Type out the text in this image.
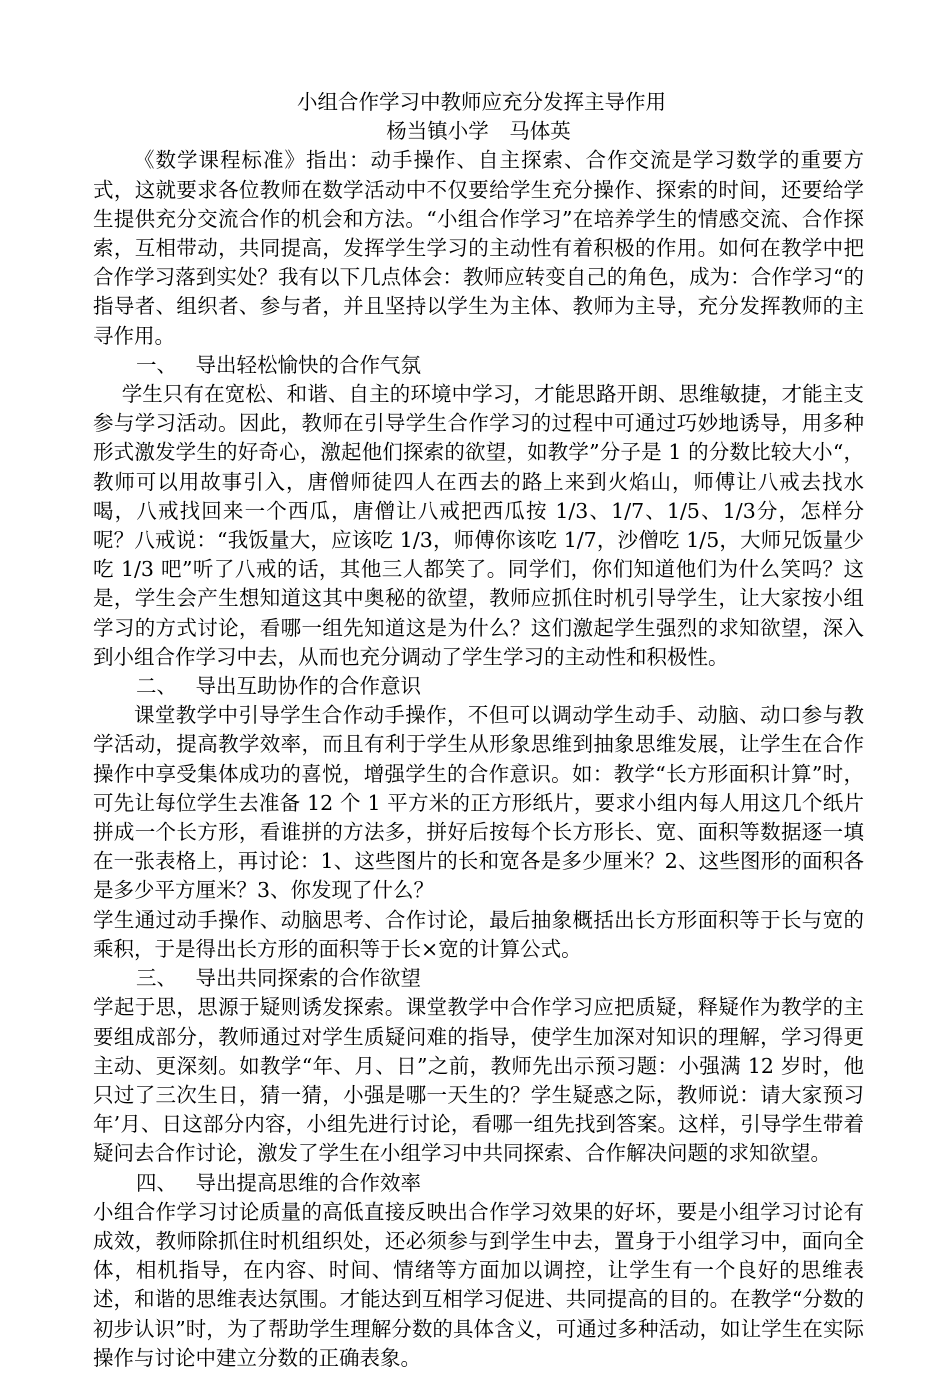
小组合作学习中教师应充分发挥主导作用
杨当镇小学　马体英

《数学课程标准》指出：动手操作、自主探索、合作交流是学习数学的重要方式，这就要求各位教师在数学活动中不仅要给学生充分操作、探索的时间，还要给学生提供充分交流合作的机会和方法。“小组合作学习”在培养学生的情感交流、合作探索，互相带动，共同提高，发挥学生学习的主动性有着积极的作用。如何在教学中把合作学习落到实处？我有以下几点体会：教师应转变自己的角色，成为：合作学习“的指导者、组织者、参与者，并且坚持以学生为主体、教师为主导，充分发挥教师的主寻作用。

一、 导出轻松愉快的合作气氛

学生只有在宽松、和谐、自主的环境中学习，才能思路开朗、思维敏捷，才能主支参与学习活动。因此，教师在引导学生合作学习的过程中可通过巧妙地诱导，用多种形式激发学生的好奇心，激起他们探索的欲望，如教学”分子是 1 的分数比较大小“，教师可以用故事引入，唐僧师徒四人在西去的路上来到火焰山，师傅让八戒去找水喝，八戒找回来一个西瓜，唐僧让八戒把西瓜按 1/3、1/7、1/5、1/3分，怎样分呢？八戒说：“我饭量大，应该吃 1/3，师傅你该吃 1/7，沙僧吃 1/5，大师兄饭量少吃 1/3 吧”听了八戒的话，其他三人都笑了。同学们，你们知道他们为什么笑吗？这是，学生会产生想知道这其中奥秘的欲望，教师应抓住时机引导学生，让大家按小组学习的方式讨论，看哪一组先知道这是为什么？这们激起学生强烈的求知欲望，深入到小组合作学习中去，从而也充分调动了学生学习的主动性和积极性。

二、 导出互助协作的合作意识

课堂教学中引导学生合作动手操作，不但可以调动学生动手、动脑、动口参与教学活动，提高教学效率，而且有利于学生从形象思维到抽象思维发展，让学生在合作操作中享受集体成功的喜悦，增强学生的合作意识。如：教学“长方形面积计算”时，可先让每位学生去准备 12 个 1 平方米的正方形纸片，要求小组内每人用这几个纸片拼成一个长方形，看谁拼的方法多，拼好后按每个长方形长、宽、面积等数据逐一填在一张表格上，再讨论：1、这些图片的长和宽各是多少厘米？2、这些图形的面积各是多少平方厘米？3、你发现了什么？

学生通过动手操作、动脑思考、合作讨论，最后抽象概括出长方形面积等于长与宽的乘积，于是得出长方形的面积等于长×宽的计算公式。

三、 导出共同探索的合作欲望

学起于思，思源于疑则诱发探索。课堂教学中合作学习应把质疑，释疑作为教学的主要组成部分，教师通过对学生质疑问难的指导，使学生加深对知识的理解，学习得更主动、更深刻。如教学“年、月、日”之前，教师先出示预习题：小强满 12 岁时，他只过了三次生日，猜一猜，小强是哪一天生的？学生疑惑之际，教师说：请大家预习年’月、日这部分内容，小组先进行讨论，看哪一组先找到答案。这样，引导学生带着疑问去合作讨论，激发了学生在小组学习中共同探索、合作解决问题的求知欲望。

四、 导出提高思维的合作效率

小组合作学习讨论质量的高低直接反映出合作学习效果的好坏，要是小组学习讨论有成效，教师除抓住时机组织处，还必须参与到学生中去，置身于小组学习中，面向全体，相机指导，在内容、时间、情绪等方面加以调控，让学生有一个良好的思维表述，和谐的思维表达氛围。才能达到互相学习促进、共同提高的目的。在教学“分数的初步认识”时，为了帮助学生理解分数的具体含义，可通过多种活动，如让学生在实际操作与讨论中建立分数的正确表象。
